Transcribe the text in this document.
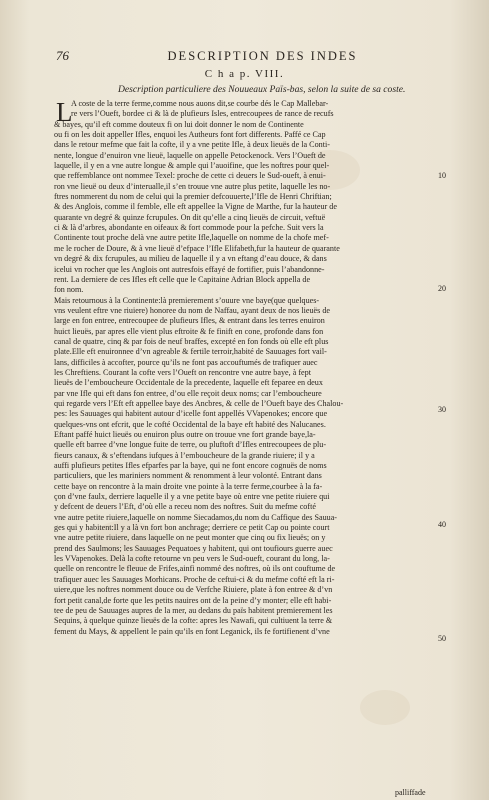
76	DESCRIPTION DES INDES
C h a p. VIII.
Description particuliere des Nouueaux Païs-bas, selon la suite de sa coste.
L
A coste de la terre ferme,comme nous auons dit,se courbe dés le Cap Mallebar-
re vers l’Oueft, bordee ci & là de plufieurs Isles, entrecoupees de rance de recufs
& bayes, qu’il eft comme douteux fi on lui doit donner le nom de Continente
ou fi on les doit appeller Ifles, enquoi les Autheurs font fort differents. Paffé ce Cap
dans le retour mefme que fait la cofte, il y a vne petite Ifle, à deux lieuës de la Conti-
nente, longue d’enuiron vne lieuë, laquelle on appelle Petockenock. Vers l’Oueft de
laquelle, il y en a vne autre longue & ample qui l’auoifine, que les noftres pour quel-
que reffemblance ont nommee Texel: proche de cette ci deuers le Sud-oueft, à enui-
ron vne lieuë ou deux d’interualle,il s’en trouue vne autre plus petite, laquelle les no-
ftres nommerent du nom de celui qui la premier defcouuerte,l’Ifle de Henri Chriftian;
& des Anglois, comme il femble, elle eft appellee la Vigne de Marthe, fur la hauteur de
quarante vn degré & quinze fcrupules. On dit qu’elle a cinq lieuës de circuit, veftuë
ci & là d’arbres, abondante en oifeaux & fort commode pour la pefche. Suit vers la
Continente tout proche delà vne autre petite Ifle,laquelle on nomme de la chofe mef-
me le rocher de Doure, & à vne lieuë d’efpace l’Ifle Elifabeth,fur la hauteur de quarante
vn degré & dix fcrupules, au milieu de laquelle il y a vn eftang d’eau douce, & dans
icelui vn rocher que les Anglois ont autresfois effayé de fortifier, puis l’abandonne-
rent. La derniere de ces Ifles eft celle que le Capitaine Adrian Block appella de
fon nom.
Mais retournous à la Continente:là premierement s’ouure vne baye(que quelques-
vns veulent eftre vne riuiere) honoree du nom de Naffau, ayant deux de nos lieuës de
large en fon entree, entrecoupee de plufieurs Ifles, & entrant dans les terres enuiron
huict lieuës, par apres elle vient plus eftroite & fe finift en cone, profonde dans fon
canal de quatre, cinq & par fois de neuf braffes, excepté en fon fonds où elle eft plus
plate.Elle eft enuironnee d’vn agreable & fertile terroir,habité de Sauuages fort vail-
lans, difficiles à accofter, pource qu’ils ne font pas accouftumés de trafiquer auec
les Chreftiens. Courant la cofte vers l’Oueft on rencontre vne autre baye, à fept
lieuës de l’emboucheure Occidentale de la precedente, laquelle eft feparee en deux
par vne Ifle qui eft dans fon entree, d’ou elle reçoit deux noms; car l’emboucheure
qui regarde vers l’Eft eft appellee baye des Ancbres, & celle de l’Oueft baye des Chalou-
pes: les Sauuages qui habitent autour d’icelle font appellés VVapenokes; encore que
quelques-vns ont efcrit, que le cofté Occidental de la baye eft habité des Nalucanes.
Eftant paffé huict lieuës ou enuiron plus outre on trouue vne fort grande baye,la-
quelle eft barree d’vne longue fuite de terre, ou pluftoft d’Ifles entrecoupees de plu-
fieurs canaux, & s’eftendans iufques à l’emboucheure de la grande riuiere; il y a
auffi plufieurs petites Ifles efparfes par la baye, qui ne font encore cognuës de noms
particuliers, que les mariniers nomment & renomment à leur volonté. Entrant dans
cette baye on rencontre à la main droite vne pointe à la terre ferme,courbee à la fa-
çon d’vne faulx, derriere laquelle il y a vne petite baye où entre vne petite riuiere qui
y defcent de deuers l’Eft, d’où elle a receu nom des noftres. Suit du mefme cofté
vne autre petite riuiere,laquelle on nomme Siecadamos,du nom du Caffique des Sauua-
ges qui y habitent:Il y a là vn fort bon anchrage; derriere ce petit Cap ou pointe court
vne autre petite riuiere, dans laquelle on ne peut monter que cinq ou fix lieuës; on y
prend des Saulmons; les Sauuages Pequatoes y habitent, qui ont toufiours guerre auec
les VVapenokes. Delà la cofte retourne vn peu vers le Sud-oueft, courant du long, la-
quelle on rencontre le fleuue de Frifes,ainfi nommé des noftres, où ils ont couftume de
trafiquer auec les Sauuages Morhicans. Proche de ceftui-ci & du mefme cofté eft la ri-
uiere,que les noftres nomment douce ou de Verfche Riuiere, plate à fon entree & d’vn
fort petit canal,de forte que les petits nauires ont de la peine d’y monter; elle eft habi-
tee de peu de Sauuages aupres de la mer, au dedans du païs habitent premierement les
Sequins, à quelque quinze lieuës de la cofte: apres les Nawafi, qui cultiuent la terre &
fement du Mays, & appellent le pain qu’ils en font Leganick, ils fe fortifienent d’vne
10
20
30
40
50
palliffade
